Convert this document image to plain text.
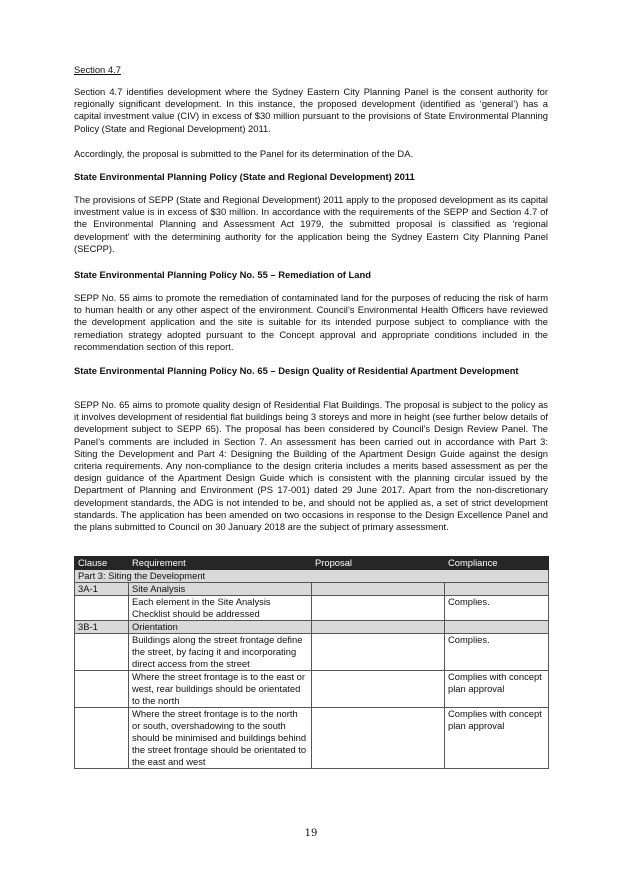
Section 4.7

Section 4.7 identifies development where the Sydney Eastern City Planning Panel is the consent authority for regionally significant development. In this instance, the proposed development (identified as ‘general’) has a capital investment value (CIV) in excess of $30 million pursuant to the provisions of State Environmental Planning Policy (State and Regional Development) 2011.

Accordingly, the proposal is submitted to the Panel for its determination of the DA.

State Environmental Planning Policy (State and Regional Development) 2011

The provisions of SEPP (State and Regional Development) 2011 apply to the proposed development as its capital investment value is in excess of $30 million. In accordance with the requirements of the SEPP and Section 4.7 of the Environmental Planning and Assessment Act 1979, the submitted proposal is classified as ‘regional development’ with the determining authority for the application being the Sydney Eastern City Planning Panel (SECPP).

State Environmental Planning Policy No. 55 – Remediation of Land

SEPP No. 55 aims to promote the remediation of contaminated land for the purposes of reducing the risk of harm to human health or any other aspect of the environment. Council’s Environmental Health Officers have reviewed the development application and the site is suitable for its intended purpose subject to compliance with the remediation strategy adopted pursuant to the Concept approval and appropriate conditions included in the recommendation section of this report.

State Environmental Planning Policy No. 65 – Design Quality of Residential Apartment Development

SEPP No. 65 aims to promote quality design of Residential Flat Buildings. The proposal is subject to the policy as it involves development of residential flat buildings being 3 storeys and more in height (see further below details of development subject to SEPP 65). The proposal has been considered by Council’s Design Review Panel. The Panel’s comments are included in Section 7. An assessment has been carried out in accordance with Part 3: Siting the Development and Part 4: Designing the Building of the Apartment Design Guide against the design criteria requirements. Any non-compliance to the design criteria includes a merits based assessment as per the design guidance of the Apartment Design Guide which is consistent with the planning circular issued by the Department of Planning and Environment (PS 17-001) dated 29 June 2017. Apart from the non-discretionary development standards, the ADG is not intended to be, and should not be applied as, a set of strict development standards. The application has been amended on two occasions in response to the Design Excellence Panel and the plans submitted to Council on 30 January 2018 are the subject of primary assessment.

Clause	Requirement	Proposal	Compliance
Part 3: Siting the Development			
3A-1	Site Analysis		
	Each element in the Site Analysis Checklist should be addressed		Complies.
3B-1	Orientation		
	Buildings along the street frontage define the street, by facing it and incorporating direct access from the street		Complies.
	Where the street frontage is to the east or west, rear buildings should be orientated to the north		Complies with concept plan approval
	Where the street frontage is to the north or south, overshadowing to the south should be minimised and buildings behind the street frontage should be orientated to the east and west		Complies with concept plan approval
19
